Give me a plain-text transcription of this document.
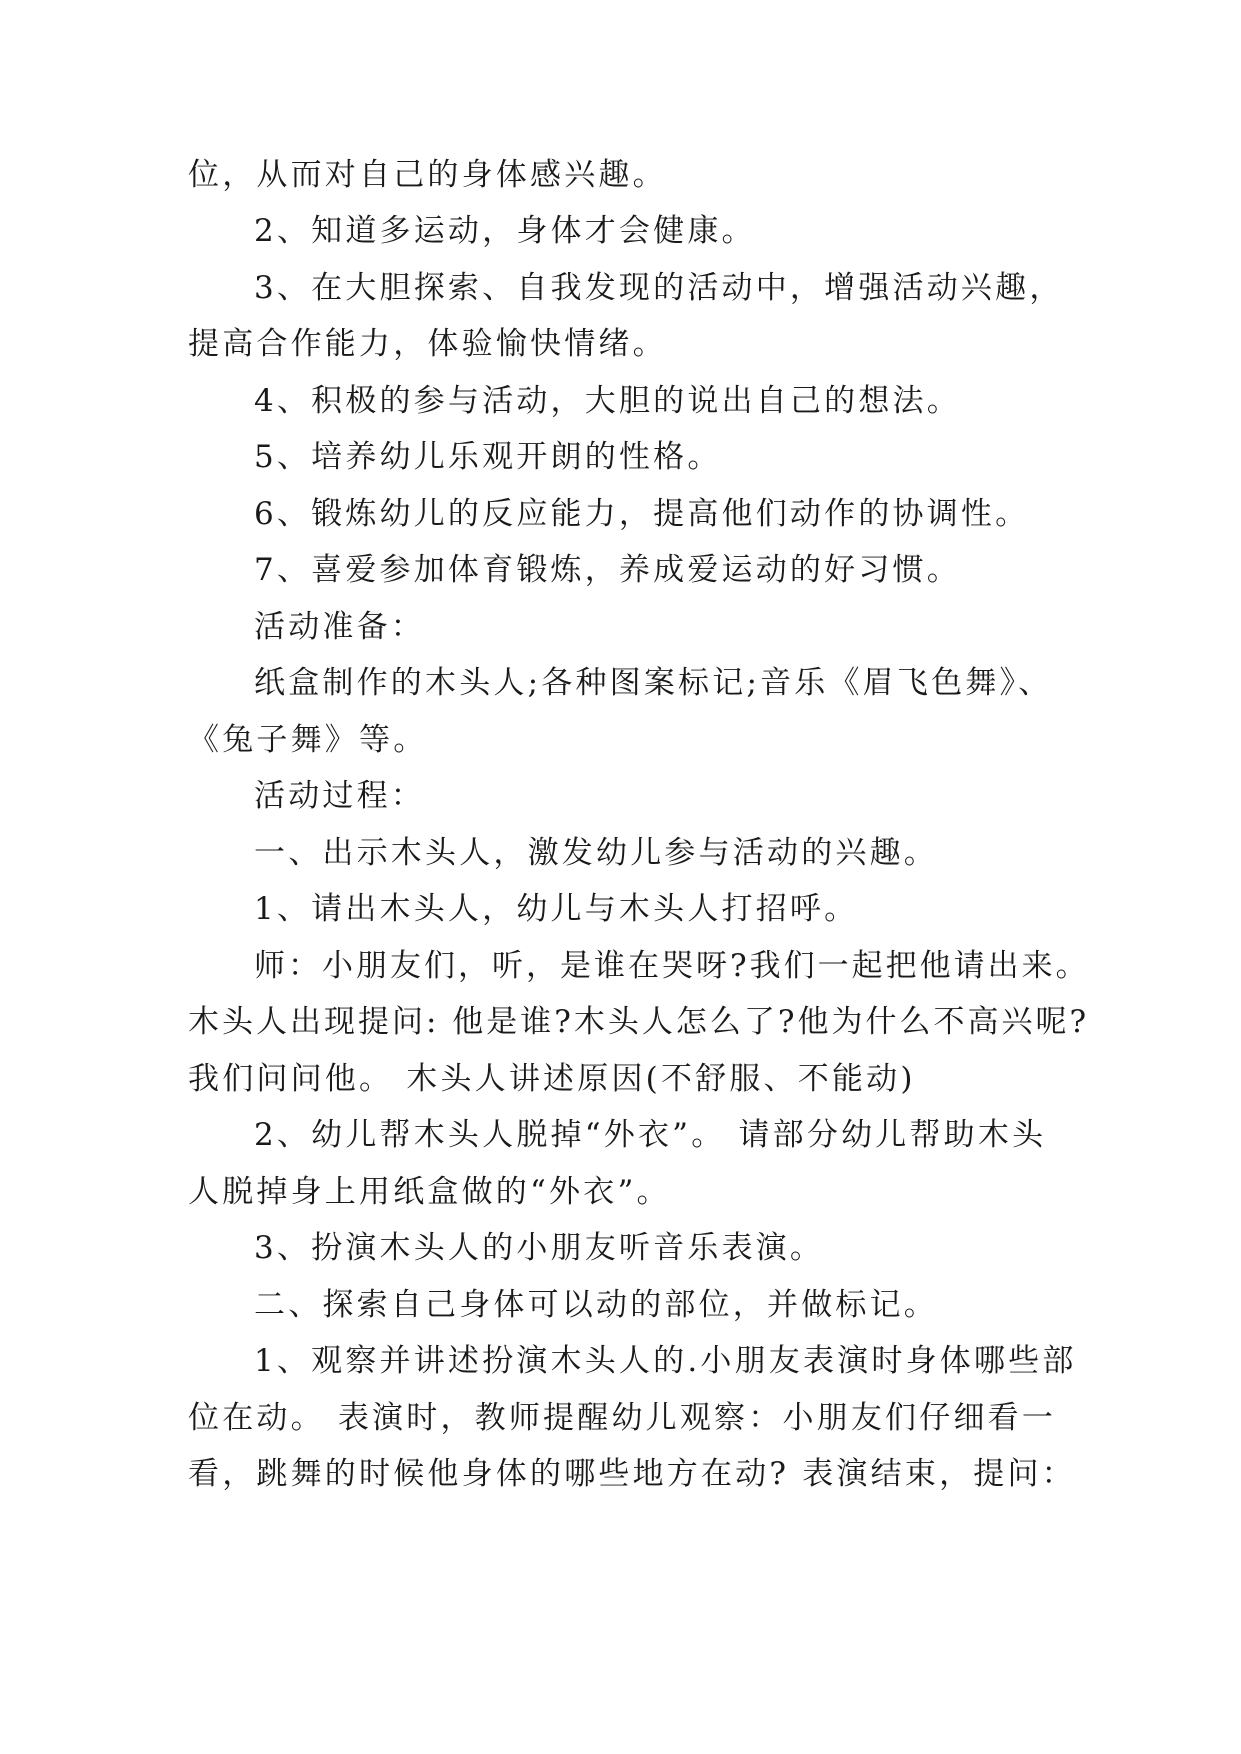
位，从而对自己的身体感兴趣。
2、知道多运动，身体才会健康。
3、在大胆探索、自我发现的活动中，增强活动兴趣，
提高合作能力，体验愉快情绪。
4、积极的参与活动，大胆的说出自己的想法。
5、培养幼儿乐观开朗的性格。
6、锻炼幼儿的反应能力，提高他们动作的协调性。
7、喜爱参加体育锻炼，养成爱运动的好习惯。
活动准备：
纸盒制作的木头人;各种图案标记;音乐《眉飞色舞》、
《兔子舞》等。
活动过程：
一、出示木头人，激发幼儿参与活动的兴趣。
1、请出木头人，幼儿与木头人打招呼。
师：小朋友们，听，是谁在哭呀?我们一起把他请出来。
木头人出现提问: 他是谁?木头人怎么了?他为什么不高兴呢?
我们问问他。 木头人讲述原因(不舒服、不能动)
2、幼儿帮木头人脱掉“外衣”。 请部分幼儿帮助木头
人脱掉身上用纸盒做的“外衣”。
3、扮演木头人的小朋友听音乐表演。
二、探索自己身体可以动的部位，并做标记。
1、观察并讲述扮演木头人的.小朋友表演时身体哪些部
位在动。 表演时，教师提醒幼儿观察：小朋友们仔细看一
看，跳舞的时候他身体的哪些地方在动? 表演结束，提问：
